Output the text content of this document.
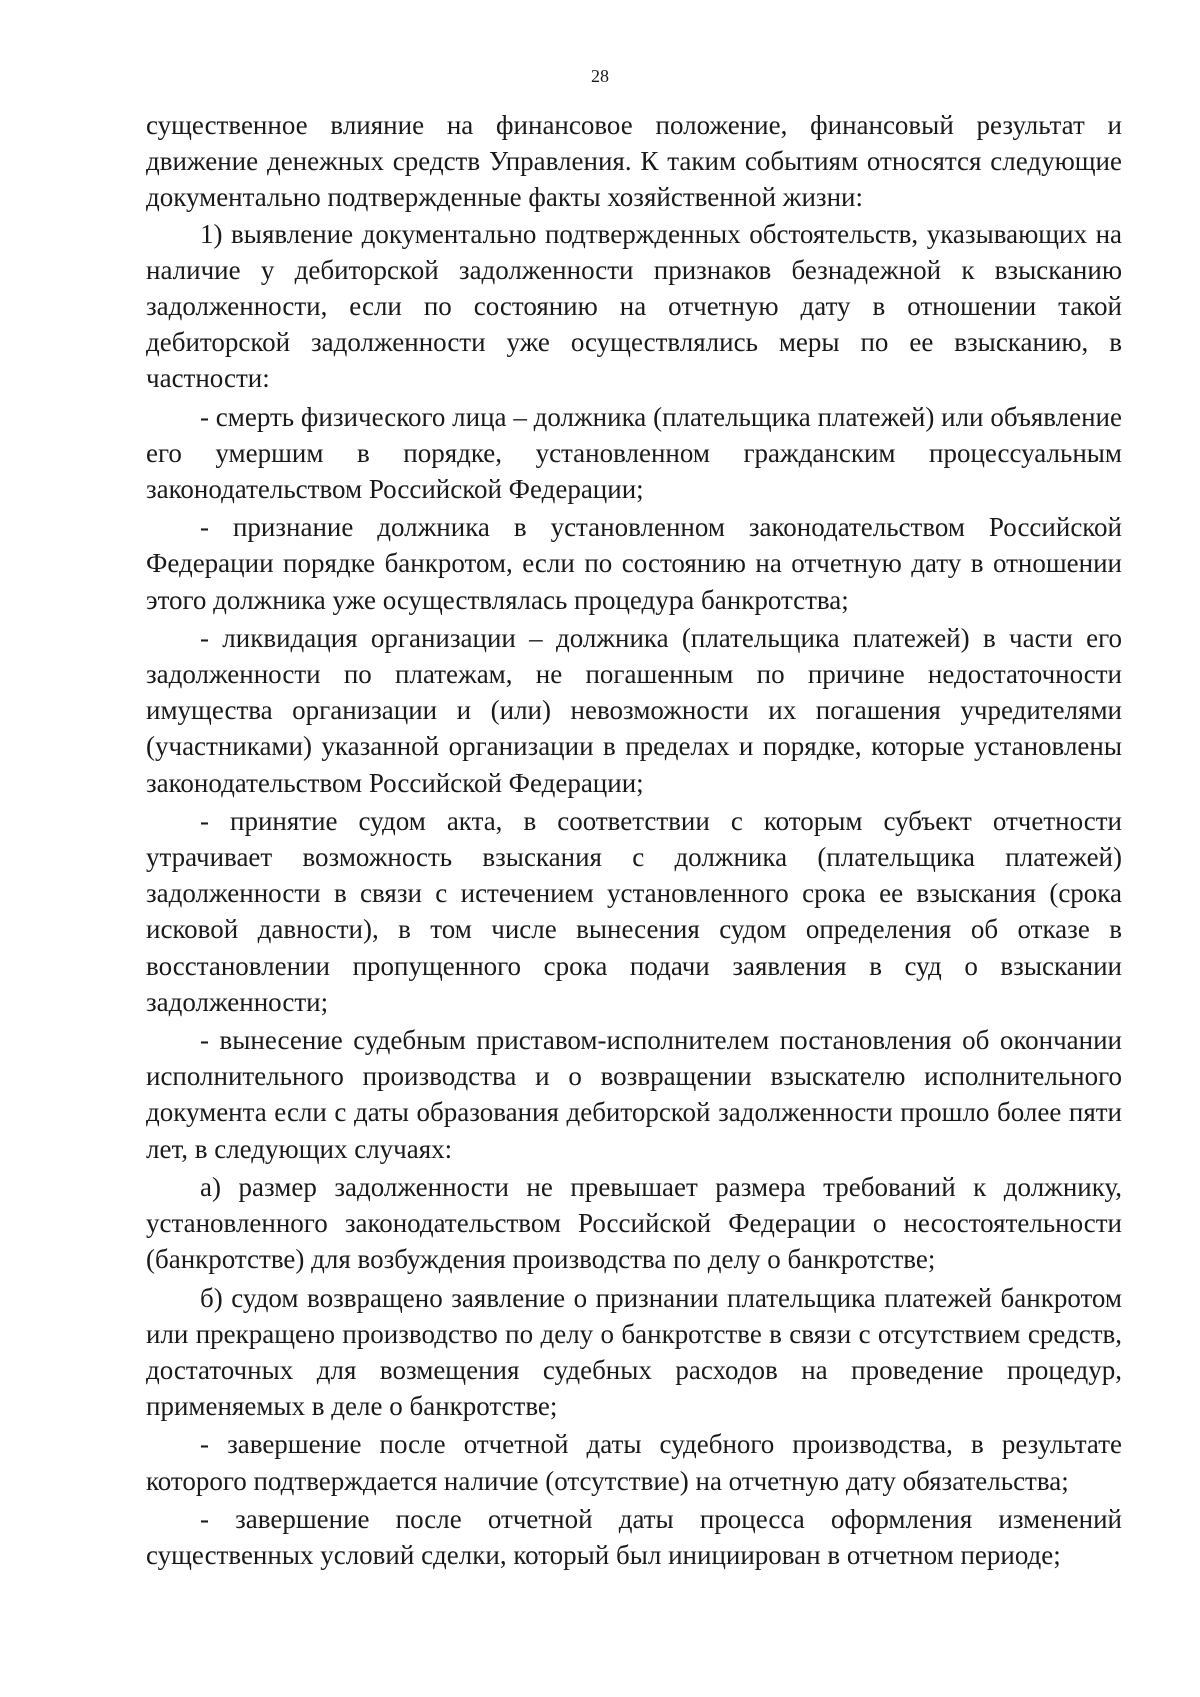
28

существенное влияние на финансовое положение, финансовый результат и движение денежных средств Управления. К таким событиям относятся следующие документально подтвержденные факты хозяйственной жизни:

1) выявление документально подтвержденных обстоятельств, указывающих на наличие у дебиторской задолженности признаков безнадежной к взысканию задолженности, если по состоянию на отчетную дату в отношении такой дебиторской задолженности уже осуществлялись меры по ее взысканию, в частности:

- смерть физического лица – должника (плательщика платежей) или объявление его умершим в порядке, установленном гражданским процессуальным законодательством Российской Федерации;

- признание должника в установленном законодательством Российской Федерации порядке банкротом, если по состоянию на отчетную дату в отношении этого должника уже осуществлялась процедура банкротства;

- ликвидация организации – должника (плательщика платежей) в части его задолженности по платежам, не погашенным по причине недостаточности имущества организации и (или) невозможности их погашения учредителями (участниками) указанной организации в пределах и порядке, которые установлены законодательством Российской Федерации;

- принятие судом акта, в соответствии с которым субъект отчетности утрачивает возможность взыскания с должника (плательщика платежей) задолженности в связи с истечением установленного срока ее взыскания (срока исковой давности), в том числе вынесения судом определения об отказе в восстановлении пропущенного срока подачи заявления в суд о взыскании задолженности;

- вынесение судебным приставом-исполнителем постановления об окончании исполнительного производства и о возвращении взыскателю исполнительного документа если с даты образования дебиторской задолженности прошло более пяти лет, в следующих случаях:

а) размер задолженности не превышает размера требований к должнику, установленного законодательством Российской Федерации о несостоятельности (банкротстве) для возбуждения производства по делу о банкротстве;

б) судом возвращено заявление о признании плательщика платежей банкротом или прекращено производство по делу о банкротстве в связи с отсутствием средств, достаточных для возмещения судебных расходов на проведение процедур, применяемых в деле о банкротстве;

- завершение после отчетной даты судебного производства, в результате которого подтверждается наличие (отсутствие) на отчетную дату обязательства;

- завершение после отчетной даты процесса оформления изменений существенных условий сделки, который был инициирован в отчетном периоде;
